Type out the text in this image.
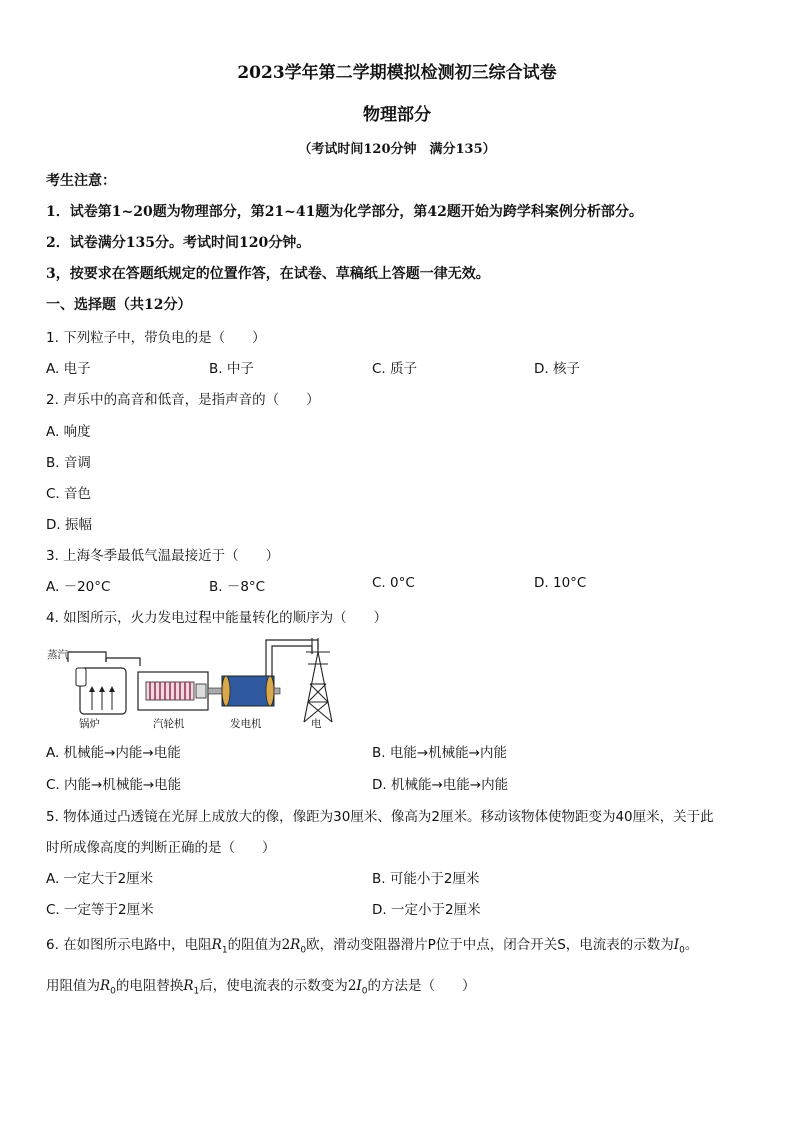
2023学年第二学期模拟检测初三综合试卷
物理部分
（考试时间120分钟　满分135）
考生注意：
1．试卷第1~20题为物理部分，第21~41题为化学部分，第42题开始为跨学科案例分析部分。
2．试卷满分135分。考试时间120分钟。
3，按要求在答题纸规定的位置作答，在试卷、草稿纸上答题一律无效。
一、选择题（共12分）
1. 下列粒子中，带负电的是（　　）
A. 电子	B. 中子	C. 质子	D. 核子
2. 声乐中的高音和低音，是指声音的（　　）
A. 响度
B. 音调
C. 音色
D. 振幅
3. 上海冬季最低气温最接近于（　　）
A. －20°C	B. －8°C	C. 0°C	D. 10°C
4. 如图所示，火力发电过程中能量转化的顺序为（　　）
蒸汽
锅炉	汽轮机	发电机	电
A. 机械能→内能→电能	B. 电能→机械能→内能
C. 内能→机械能→电能	D. 机械能→电能→内能
5. 物体通过凸透镜在光屏上成放大的像，像距为30厘米、像高为2厘米。移动该物体使物距变为40厘米，关于此
时所成像高度的判断正确的是（　　）
A. 一定大于2厘米	B. 可能小于2厘米
C. 一定等于2厘米	D. 一定小于2厘米
6. 在如图所示电路中，电阻$R_1$的阻值为$2R_0$欧，滑动变阻器滑片P位于中点，闭合开关S，电流表的示数为$I_0$。
用阻值为$R_0$的电阻替换$R_1$后，使电流表的示数变为$2I_0$的方法是（　　）
